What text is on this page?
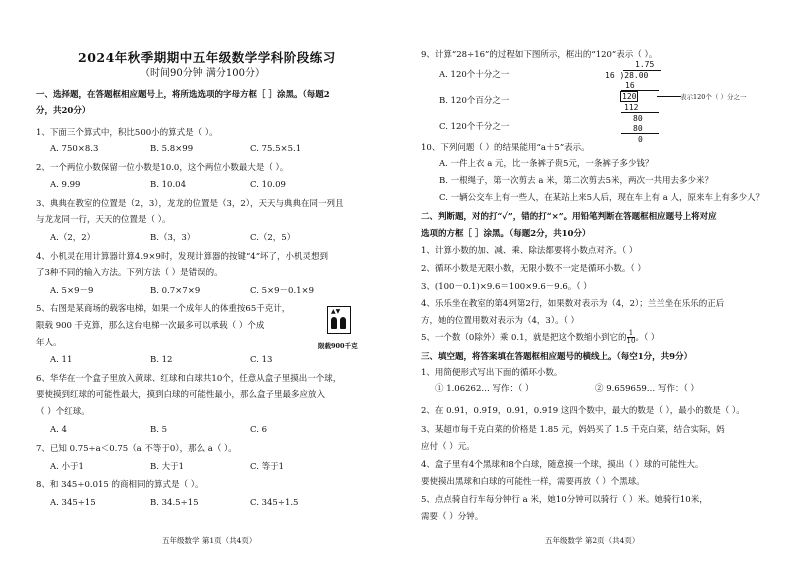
2024年秋季期期中五年级数学学科阶段练习
（时间90分钟 满分100分）
一、选择题，在答题框相应题号上，将所选选项的字母方框［ ］涂黑。（每题2
分，共20分）
1、下面三个算式中，积比500小的算式是（ ）。
A. 750×8.3	B. 5.8×99	C. 75.5×5.1
2、一个两位小数保留一位小数是10.0，这个两位小数最大是（ ）。
A. 9.99	B. 10.04	C. 10.09
3、典典在教室的位置是（2，3），龙龙的位置是（3，2），天天与典典在同一列且
与龙龙同一行，天天的位置是（ ）。
A.（2，2）	B.（3，3）	C.（2，5）
4、小机灵在用计算器计算4.9×9时，发现计算器的按键“4”坏了，小机灵想到
了3种不同的输入方法。下列方法（ ）是错误的。
A. 5×9－9	B. 0.7×7×9	C. 5×9－0.1×9
5、右图是某商场的载客电梯，如果一个成年人的体重按65千克计，
限载 900 千克算，那么这台电梯一次最多可以承载（ ）个成
年人。
▲▼
限载900千克
A. 11	B. 12	C. 13
6、华华在一个盒子里放入黄球、红球和白球共10个，任意从盒子里摸出一个球，
要使摸到红球的可能性最大，摸到白球的可能性最小，那么盒子里最多应放入
（ ）个红球。
A. 4	B. 5	C. 6
7、已知 0.75÷a＜0.75（a 不等于0），那么 a（ ）。
A. 小于1	B. 大于1	C. 等于1
8、和 345÷0.015 的商相同的算式是（ ）。
A. 345÷15	B. 34.5÷15	C. 345÷1.5
五年级数学 第1页（共4页）
9、计算“28÷16”的过程如下图所示，框出的“120”表示（ ）。
A. 120个十分之一
B. 120个百分之一
C. 120个千分之一
1.75
16 )28.00
16
120
112
80
80
0
表示120个（ ）分之一
10、下列问题（ ）的结果能用“a＋5”表示。
A. 一件上衣 a 元，比一条裤子贵5元，一条裤子多少钱？
B. 一根绳子，第一次剪去 a 米，第二次剪去5米，两次一共用去多少米？
C. 一辆公交车上有一些人，在某站上来5人后，现在车上有 a 人，原来车上有多少人？
二、判断题，对的打“✓”，错的打“×”。用铅笔判断在答题框相应题号上将对应
选项的方框［ ］涂黑。（每题2分，共10分）
1、计算小数的加、减、乘、除法都要将小数点对齐。（ ）
2、循环小数是无限小数，无限小数不一定是循环小数。（ ）
3、(100－0.1)×9.6＝100×9.6－9.6。（ ）
4、乐乐坐在教室的第4列第2行，如果数对表示为（4，2）；兰兰坐在乐乐的正后
方，她的位置用数对表示为（4，3）。（ ）
5、一个数（0除外）乘 0.1，就是把这个数缩小到它的 $\frac{1}{10}$ 。（ ）
三、填空题，将答案填在答题框相应题号的横线上。（每空1分，共9分）
1、用简便形式写出下面的循环小数。
① 1.06262… 写作：（ ）	② 9.659659… 写作：（ ）
2、在 0.9̇1，0.91̇9，0.9̇1，0.91̇9 这四个数中，最大的数是（ ），最小的数是（ ）。
3、某超市每千克白菜的价格是 1.85 元，妈妈买了 1.5 千克白菜，结合实际，妈
应付（ ）元。
4、盒子里有4个黑球和8个白球，随意摸一个球，摸出（ ）球的可能性大。
要使摸出黑球和白球的可能性一样，需要再放（ ）个黑球。
5、点点骑自行车每分钟行 a 米，她10分钟可以骑行（ ）米。她骑行10米，
需要（ ）分钟。
五年级数学 第2页（共4页）
